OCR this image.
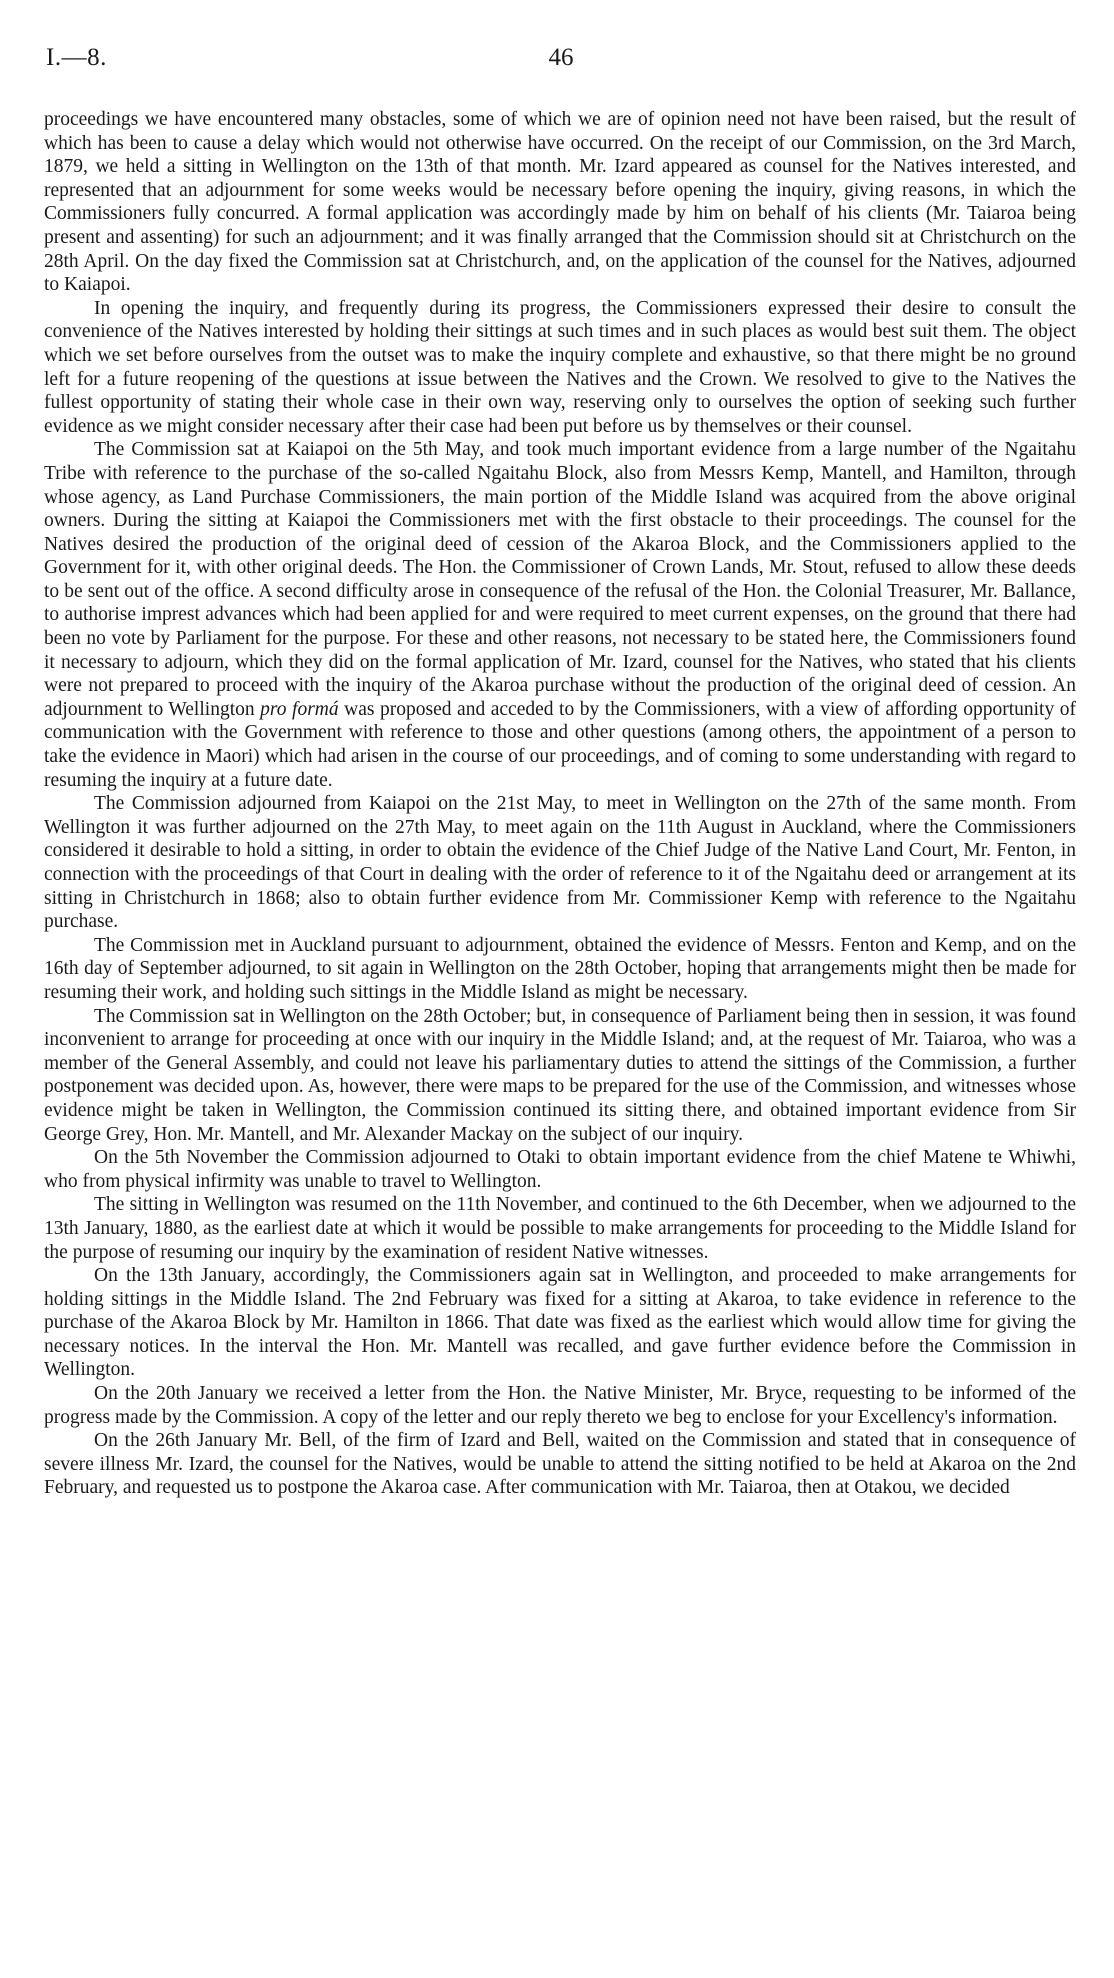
I.—8.	46

proceedings we have encountered many obstacles, some of which we are of opinion need not have been raised, but the result of which has been to cause a delay which would not otherwise have occurred. On the receipt of our Commission, on the 3rd March, 1879, we held a sitting in Wellington on the 13th of that month. Mr. Izard appeared as counsel for the Natives interested, and represented that an adjournment for some weeks would be necessary before opening the inquiry, giving reasons, in which the Commissioners fully concurred. A formal application was accordingly made by him on behalf of his clients (Mr. Taiaroa being present and assenting) for such an adjournment; and it was finally arranged that the Commission should sit at Christchurch on the 28th April. On the day fixed the Commission sat at Christchurch, and, on the application of the counsel for the Natives, adjourned to Kaiapoi.

In opening the inquiry, and frequently during its progress, the Commissioners expressed their desire to consult the convenience of the Natives interested by holding their sittings at such times and in such places as would best suit them. The object which we set before ourselves from the outset was to make the inquiry complete and exhaustive, so that there might be no ground left for a future reopening of the questions at issue between the Natives and the Crown. We resolved to give to the Natives the fullest opportunity of stating their whole case in their own way, reserving only to ourselves the option of seeking such further evidence as we might consider necessary after their case had been put before us by themselves or their counsel.

The Commission sat at Kaiapoi on the 5th May, and took much important evidence from a large number of the Ngaitahu Tribe with reference to the purchase of the so-called Ngaitahu Block, also from Messrs Kemp, Mantell, and Hamilton, through whose agency, as Land Purchase Commissioners, the main portion of the Middle Island was acquired from the above original owners. During the sitting at Kaiapoi the Commissioners met with the first obstacle to their proceedings. The counsel for the Natives desired the production of the original deed of cession of the Akaroa Block, and the Commissioners applied to the Government for it, with other original deeds. The Hon. the Commissioner of Crown Lands, Mr. Stout, refused to allow these deeds to be sent out of the office. A second difficulty arose in consequence of the refusal of the Hon. the Colonial Treasurer, Mr. Ballance, to authorise imprest advances which had been applied for and were required to meet current expenses, on the ground that there had been no vote by Parliament for the purpose. For these and other reasons, not necessary to be stated here, the Commissioners found it necessary to adjourn, which they did on the formal application of Mr. Izard, counsel for the Natives, who stated that his clients were not prepared to proceed with the inquiry of the Akaroa purchase without the production of the original deed of cession. An adjournment to Wellington pro formá was proposed and acceded to by the Commissioners, with a view of affording opportunity of communication with the Government with reference to those and other questions (among others, the appointment of a person to take the evidence in Maori) which had arisen in the course of our proceedings, and of coming to some understanding with regard to resuming the inquiry at a future date.

The Commission adjourned from Kaiapoi on the 21st May, to meet in Wellington on the 27th of the same month. From Wellington it was further adjourned on the 27th May, to meet again on the 11th August in Auckland, where the Commissioners considered it desirable to hold a sitting, in order to obtain the evidence of the Chief Judge of the Native Land Court, Mr. Fenton, in connection with the proceedings of that Court in dealing with the order of reference to it of the Ngaitahu deed or arrangement at its sitting in Christchurch in 1868; also to obtain further evidence from Mr. Commissioner Kemp with reference to the Ngaitahu purchase.

The Commission met in Auckland pursuant to adjournment, obtained the evidence of Messrs. Fenton and Kemp, and on the 16th day of September adjourned, to sit again in Wellington on the 28th October, hoping that arrangements might then be made for resuming their work, and holding such sittings in the Middle Island as might be necessary.

The Commission sat in Wellington on the 28th October; but, in consequence of Parliament being then in session, it was found inconvenient to arrange for proceeding at once with our inquiry in the Middle Island; and, at the request of Mr. Taiaroa, who was a member of the General Assembly, and could not leave his parliamentary duties to attend the sittings of the Commission, a further postponement was decided upon. As, however, there were maps to be prepared for the use of the Commission, and witnesses whose evidence might be taken in Wellington, the Commission continued its sitting there, and obtained important evidence from Sir George Grey, Hon. Mr. Mantell, and Mr. Alexander Mackay on the subject of our inquiry.

On the 5th November the Commission adjourned to Otaki to obtain important evidence from the chief Matene te Whiwhi, who from physical infirmity was unable to travel to Wellington.

The sitting in Wellington was resumed on the 11th November, and continued to the 6th December, when we adjourned to the 13th January, 1880, as the earliest date at which it would be possible to make arrangements for proceeding to the Middle Island for the purpose of resuming our inquiry by the examination of resident Native witnesses.

On the 13th January, accordingly, the Commissioners again sat in Wellington, and proceeded to make arrangements for holding sittings in the Middle Island. The 2nd February was fixed for a sitting at Akaroa, to take evidence in reference to the purchase of the Akaroa Block by Mr. Hamilton in 1866. That date was fixed as the earliest which would allow time for giving the necessary notices. In the interval the Hon. Mr. Mantell was recalled, and gave further evidence before the Commission in Wellington.

On the 20th January we received a letter from the Hon. the Native Minister, Mr. Bryce, requesting to be informed of the progress made by the Commission. A copy of the letter and our reply thereto we beg to enclose for your Excellency's information.

On the 26th January Mr. Bell, of the firm of Izard and Bell, waited on the Commission and stated that in consequence of severe illness Mr. Izard, the counsel for the Natives, would be unable to attend the sitting notified to be held at Akaroa on the 2nd February, and requested us to postpone the Akaroa case. After communication with Mr. Taiaroa, then at Otakou, we decided
